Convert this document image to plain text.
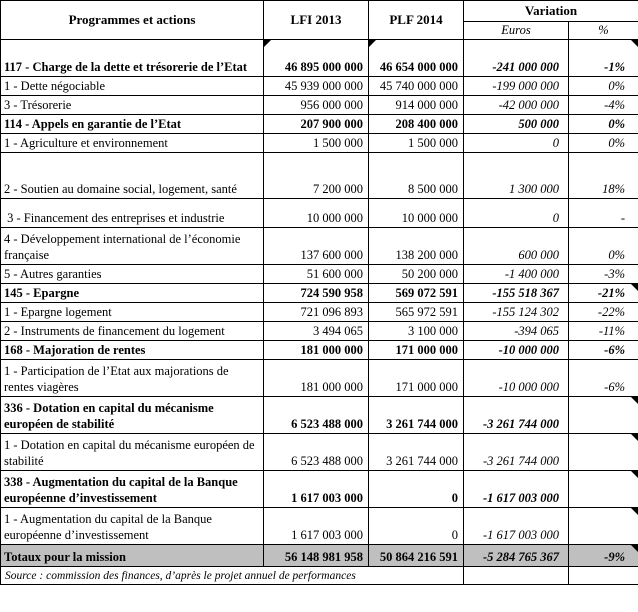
Programmes et actions	LFI 2013	PLF 2014	Variation	
			Euros	%
117 - Charge de la dette et trésorerie de l’Etat	46 895 000 000	46 654 000 000	-241 000 000	-1%

1 - Dette négociable	45 939 000 000	45 740 000 000	-199 000 000	0%
3 - Trésorerie	956 000 000	914 000 000	-42 000 000	-4%
114 - Appels en garantie de l’Etat	207 900 000	208 400 000	500 000	0%
1 - Agriculture et environnement	1 500 000	1 500 000	0	0%
2 - Soutien au domaine social, logement, santé	7 200 000	8 500 000	1 300 000	18%
3 - Financement des entreprises et industrie	10 000 000	10 000 000	0	-
4 - Développement international de l’économie française	137 600 000	138 200 000	600 000	0%
5 - Autres garanties	51 600 000	50 200 000	-1 400 000	-3%
145 - Epargne	724 590 958	569 072 591	-155 518 367	-21%

1 - Epargne logement	721 096 893	565 972 591	-155 124 302	-22%
2 - Instruments de financement du logement	3 494 065	3 100 000	-394 065	-11%
168 - Majoration de rentes	181 000 000	171 000 000	-10 000 000	-6%
1 - Participation de l’Etat aux majorations de rentes viagères	181 000 000	171 000 000	-10 000 000	-6%
336 - Dotation en capital du mécanisme européen de stabilité	6 523 488 000	3 261 744 000	-3 261 744 000	

1 - Dotation en capital du mécanisme européen de stabilité	6 523 488 000	3 261 744 000	-3 261 744 000	

338 - Augmentation du capital de la Banque européenne d’investissement	1 617 003 000	0	-1 617 003 000	

1 - Augmentation du capital de la Banque européenne d’investissement	1 617 003 000	0	-1 617 003 000	

Totaux pour la mission	56 148 981 958	50 864 216 591	-5 284 765 367	-9%

Source : commission des finances, d’après le projet annuel de performances				
